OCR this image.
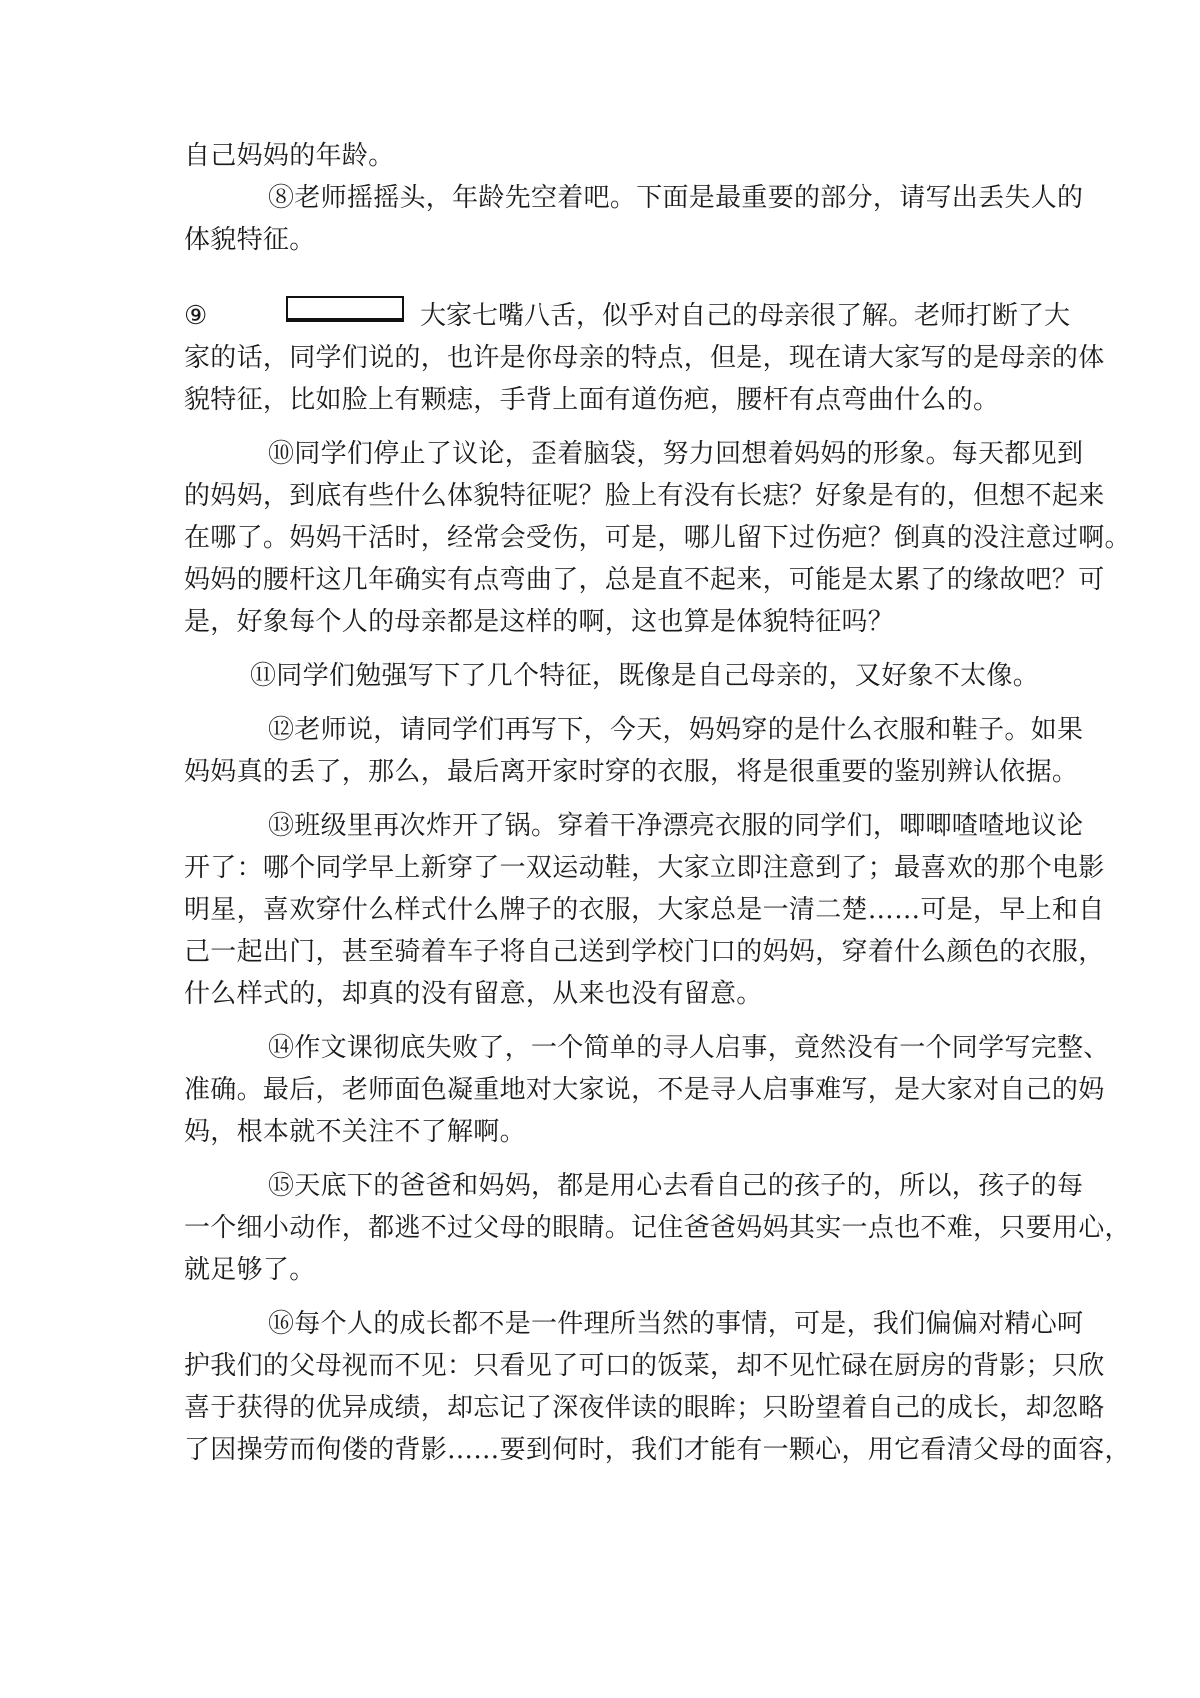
自己妈妈的年龄。
⑧老师摇摇头，年龄先空着吧。下面是最重要的部分，请写出丢失人的
体貌特征。
⑨	大家七嘴八舌，似乎对自己的母亲很了解。老师打断了大
家的话，同学们说的，也许是你母亲的特点，但是，现在请大家写的是母亲的体
貌特征，比如脸上有颗痣，手背上面有道伤疤，腰杆有点弯曲什么的。
⑩同学们停止了议论，歪着脑袋，努力回想着妈妈的形象。每天都见到
的妈妈，到底有些什么体貌特征呢？脸上有没有长痣？好象是有的，但想不起来
在哪了。妈妈干活时，经常会受伤，可是，哪儿留下过伤疤？倒真的没注意过啊。
妈妈的腰杆这几年确实有点弯曲了，总是直不起来，可能是太累了的缘故吧？可
是，好象每个人的母亲都是这样的啊，这也算是体貌特征吗？
⑪同学们勉强写下了几个特征，既像是自己母亲的，又好象不太像。
⑫老师说，请同学们再写下，今天，妈妈穿的是什么衣服和鞋子。如果
妈妈真的丢了，那么，最后离开家时穿的衣服，将是很重要的鉴别辨认依据。
⑬班级里再次炸开了锅。穿着干净漂亮衣服的同学们，唧唧喳喳地议论
开了：哪个同学早上新穿了一双运动鞋，大家立即注意到了；最喜欢的那个电影
明星，喜欢穿什么样式什么牌子的衣服，大家总是一清二楚……可是，早上和自
己一起出门，甚至骑着车子将自己送到学校门口的妈妈，穿着什么颜色的衣服，
什么样式的，却真的没有留意，从来也没有留意。
⑭作文课彻底失败了，一个简单的寻人启事，竟然没有一个同学写完整、
准确。最后，老师面色凝重地对大家说，不是寻人启事难写，是大家对自己的妈
妈，根本就不关注不了解啊。
⑮天底下的爸爸和妈妈，都是用心去看自己的孩子的，所以，孩子的每
一个细小动作，都逃不过父母的眼睛。记住爸爸妈妈其实一点也不难，只要用心，
就足够了。
⑯每个人的成长都不是一件理所当然的事情，可是，我们偏偏对精心呵
护我们的父母视而不见：只看见了可口的饭菜，却不见忙碌在厨房的背影；只欣
喜于获得的优异成绩，却忘记了深夜伴读的眼眸；只盼望着自己的成长，却忽略
了因操劳而佝偻的背影……要到何时，我们才能有一颗心，用它看清父母的面容，
